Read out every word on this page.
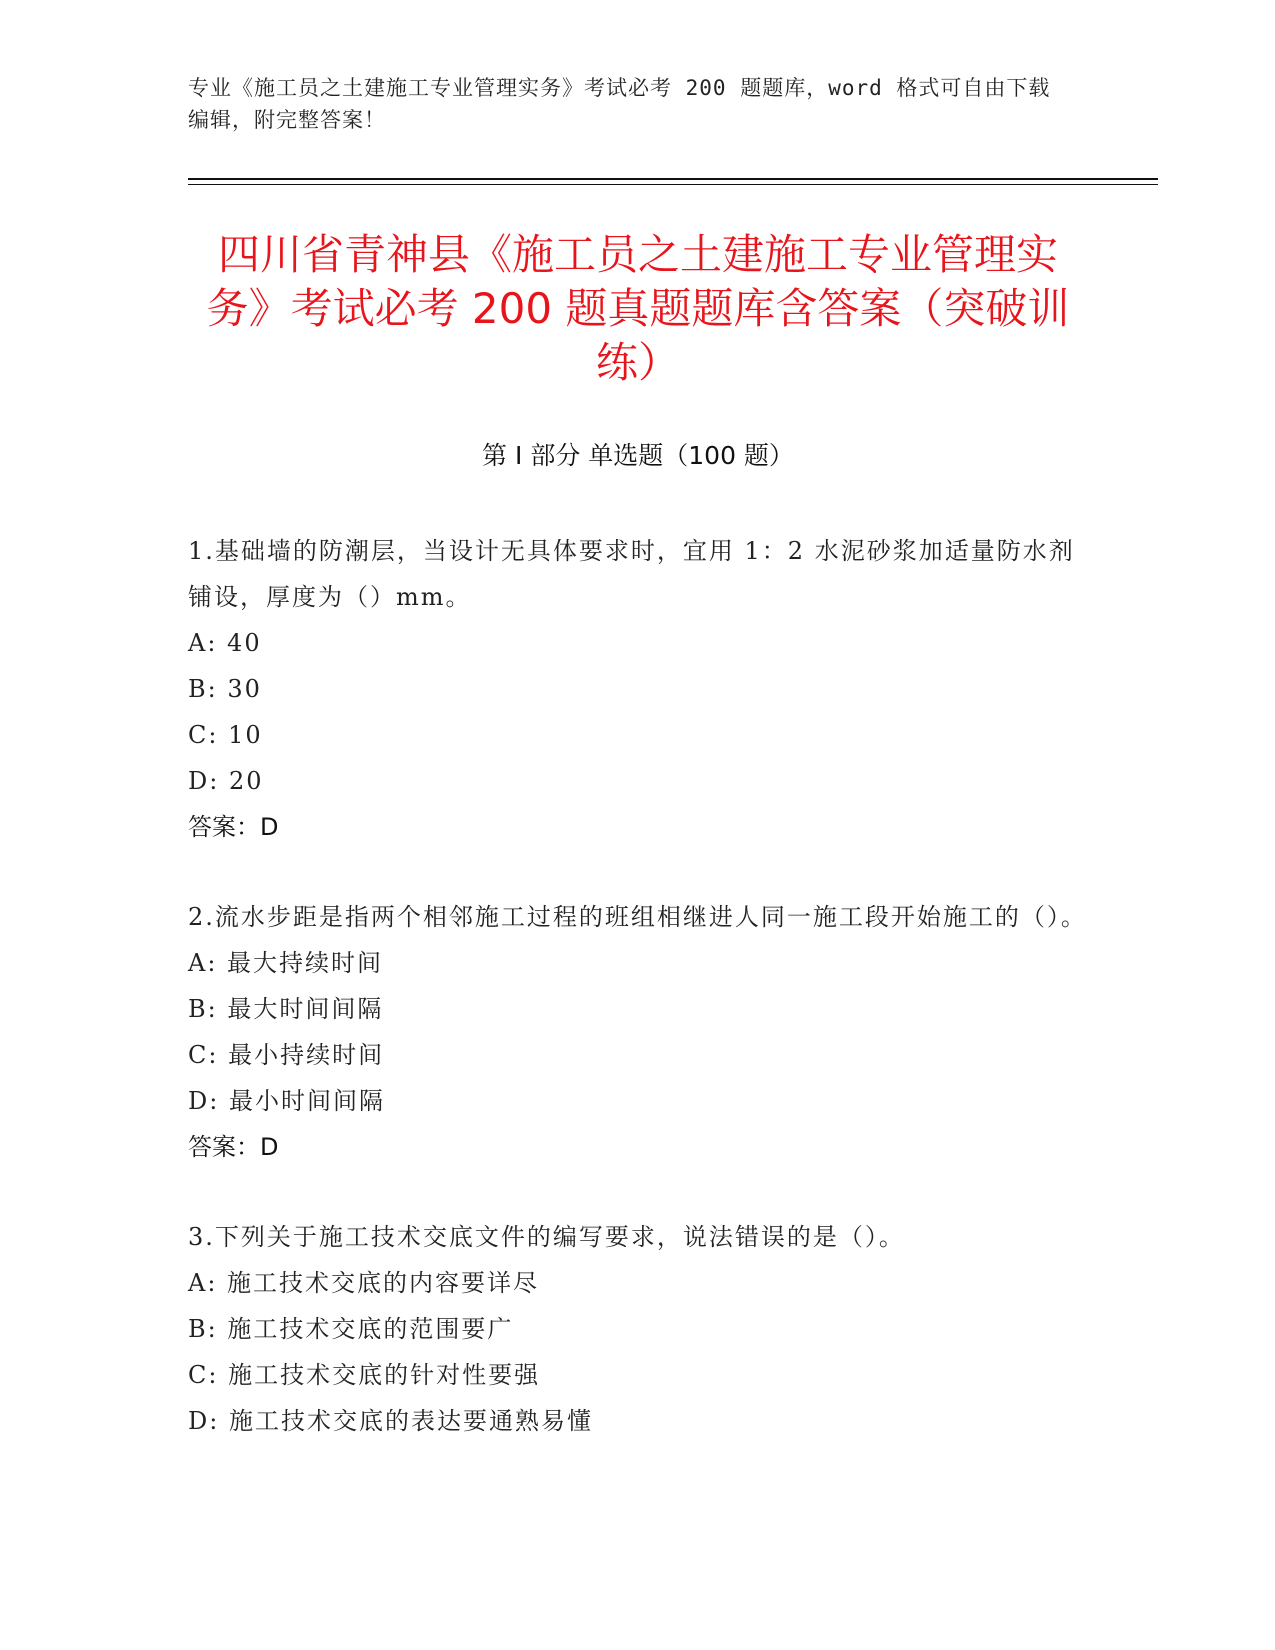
专业《施工员之土建施工专业管理实务》考试必考 200 题题库，word 格式可自由下载编辑，附完整答案！
四川省青神县《施工员之土建施工专业管理实务》考试必考 200 题真题题库含答案（突破训练）
第 I 部分 单选题（100 题）
1.基础墙的防潮层，当设计无具体要求时，宜用 1：2 水泥砂浆加适量防水剂铺设，厚度为（）mm。
A: 40
B: 30
C: 10
D: 20
答案：D
2.流水步距是指两个相邻施工过程的班组相继进人同一施工段开始施工的（）。
A: 最大持续时间
B: 最大时间间隔
C: 最小持续时间
D: 最小时间间隔
答案：D
3.下列关于施工技术交底文件的编写要求，说法错误的是（）。
A: 施工技术交底的内容要详尽
B: 施工技术交底的范围要广
C: 施工技术交底的针对性要强
D: 施工技术交底的表达要通熟易懂
